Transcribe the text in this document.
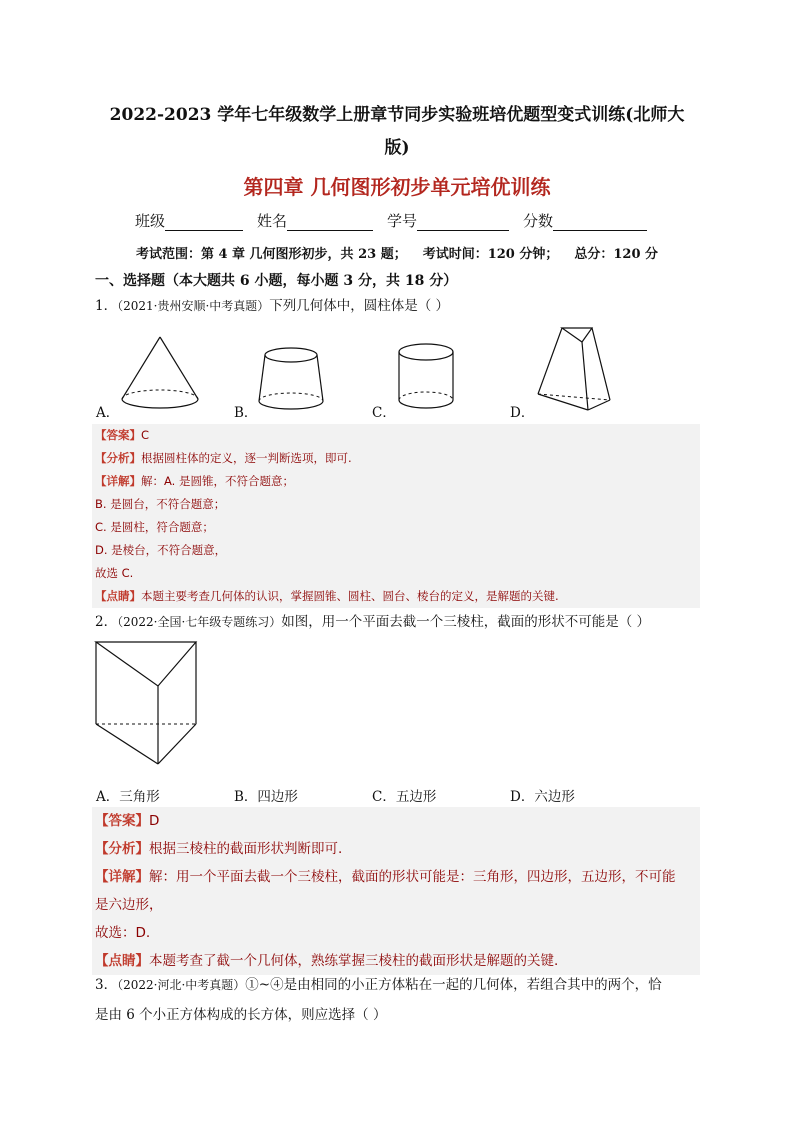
2022-2023 学年七年级数学上册章节同步实验班培优题型变式训练(北师大
版)
第四章 几何图形初步单元培优训练
班级	姓名	学号	分数
考试范围：第 4 章 几何图形初步，共 23 题； 考试时间：120 分钟； 总分：120 分
一、选择题（本大题共 6 小题，每小题 3 分，共 18 分）
1．（2021·贵州安顺·中考真题）下列几何体中，圆柱体是（ ）
A．	B．	C．	D．
【答案】C
【分析】根据圆柱体的定义，逐一判断选项，即可.
【详解】解：A. 是圆锥，不符合题意；
B. 是圆台，不符合题意；
C. 是圆柱，符合题意；
D. 是棱台，不符合题意，
故选 C.
【点睛】本题主要考查几何体的认识，掌握圆锥、圆柱、圆台、棱台的定义，是解题的关键.
2．（2022·全国·七年级专题练习）如图，用一个平面去截一个三棱柱，截面的形状不可能是（ ）
A．三角形	B．四边形	C．五边形	D．六边形
【答案】D
【分析】根据三棱柱的截面形状判断即可.
【详解】解：用一个平面去截一个三棱柱，截面的形状可能是：三角形，四边形，五边形，不可能
是六边形，
故选：D.
【点睛】本题考查了截一个几何体，熟练掌握三棱柱的截面形状是解题的关键.
3．（2022·河北·中考真题）①~④是由相同的小正方体粘在一起的几何体，若组合其中的两个，恰
是由 6 个小正方体构成的长方体，则应选择（ ）
